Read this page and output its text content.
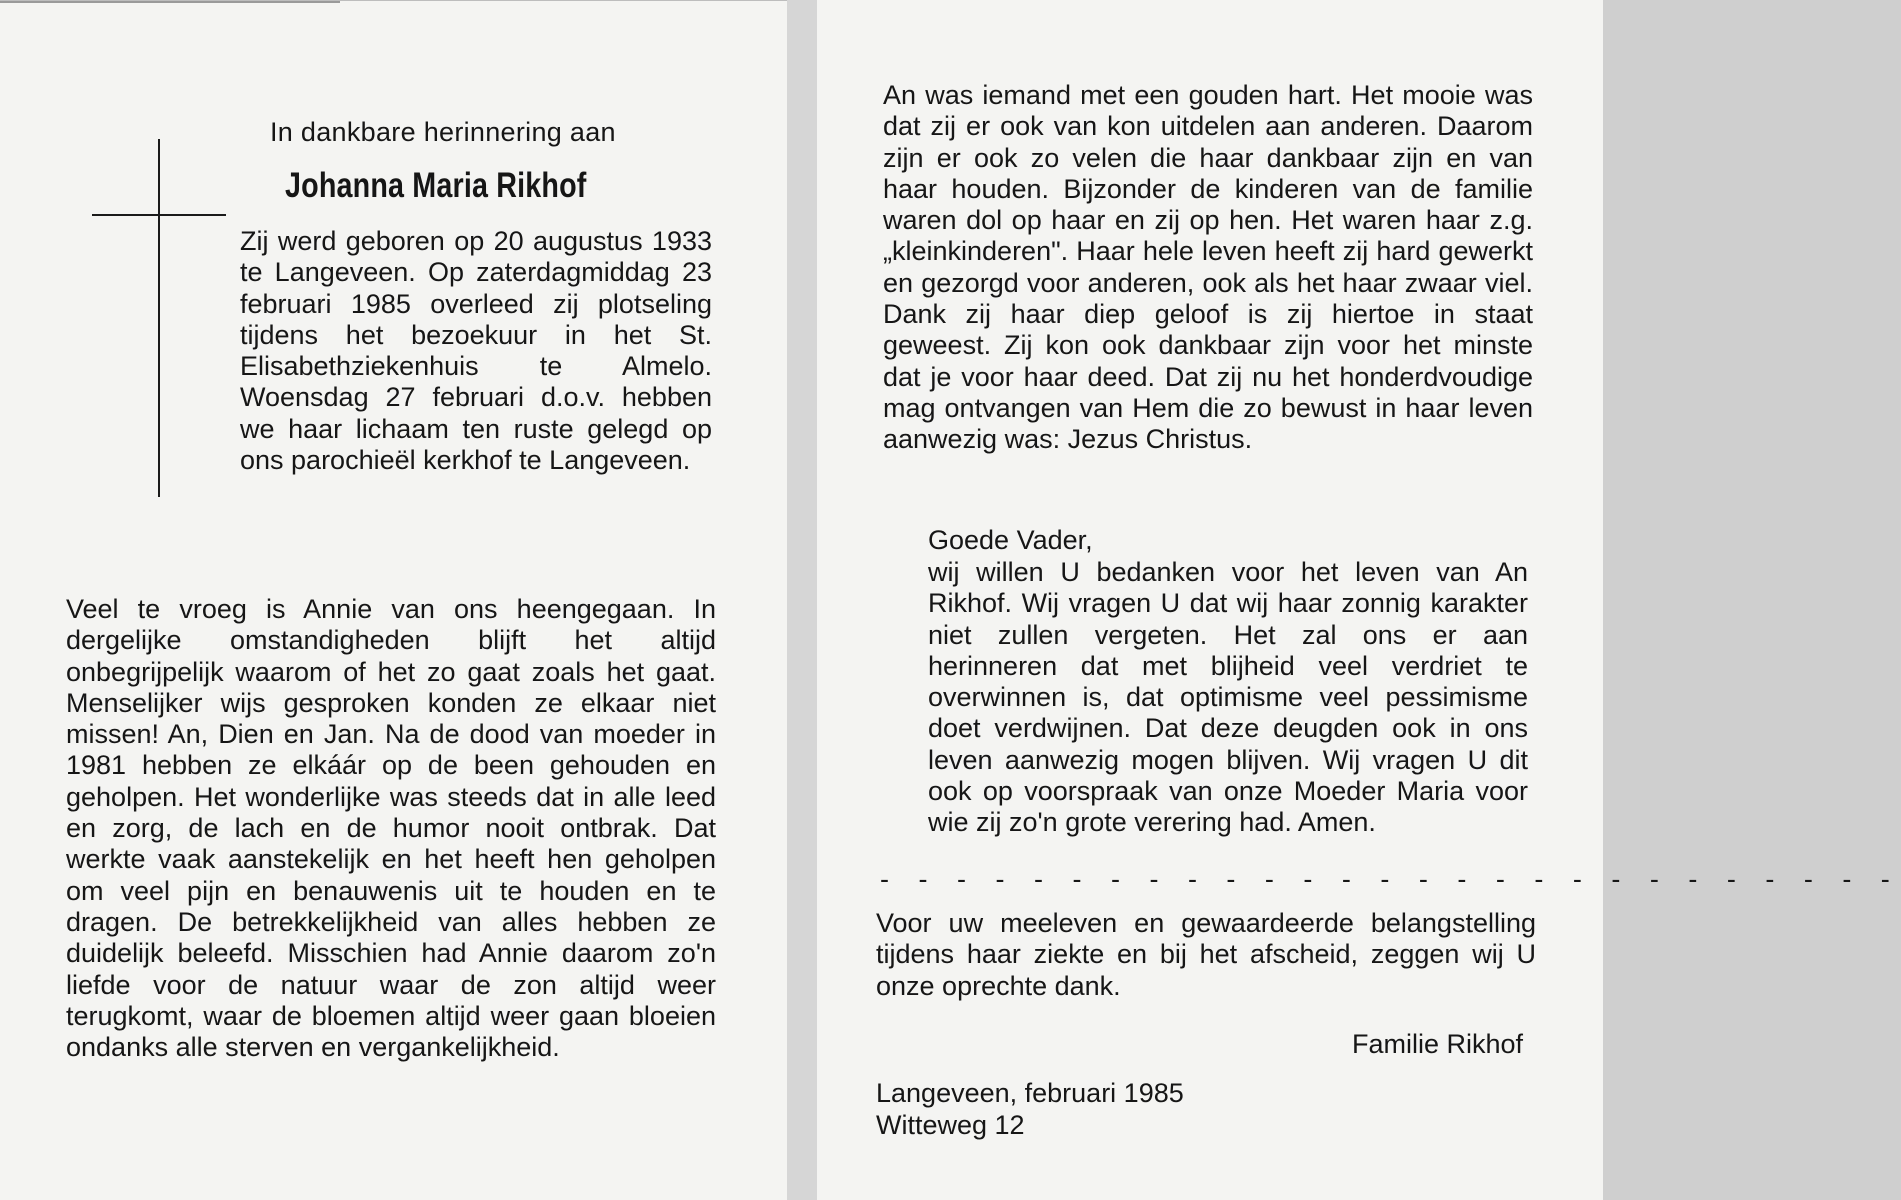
In dankbare herinnering aan

Johanna Maria Rikhof

Zij werd geboren op 20 augustus 1933 te Langeveen. Op zaterdagmiddag 23 februari 1985 overleed zij plotseling tijdens het bezoekuur in het St. Elisabethziekenhuis te Almelo. Woensdag 27 februari d.o.v. hebben we haar lichaam ten ruste gelegd op ons parochieël kerkhof te Langeveen.

Veel te vroeg is Annie van ons heengegaan. In dergelijke omstandigheden blijft het altijd onbegrijpelijk waarom of het zo gaat zoals het gaat. Menselijker wijs gesproken konden ze elkaar niet missen! An, Dien en Jan. Na de dood van moeder in 1981 hebben ze elkáár op de been gehouden en geholpen. Het wonderlijke was steeds dat in alle leed en zorg, de lach en de humor nooit ontbrak. Dat werkte vaak aanstekelijk en het heeft hen geholpen om veel pijn en benauwenis uit te houden en te dragen. De betrekkelijkheid van alles hebben ze duidelijk beleefd. Misschien had Annie daarom zo'n liefde voor de natuur waar de zon altijd weer terugkomt, waar de bloemen altijd weer gaan bloeien ondanks alle sterven en vergankelijkheid.

An was iemand met een gouden hart. Het mooie was dat zij er ook van kon uitdelen aan anderen. Daarom zijn er ook zo velen die haar dankbaar zijn en van haar houden. Bijzonder de kinderen van de familie waren dol op haar en zij op hen. Het waren haar z.g. „kleinkinderen". Haar hele leven heeft zij hard gewerkt en gezorgd voor anderen, ook als het haar zwaar viel. Dank zij haar diep geloof is zij hiertoe in staat geweest. Zij kon ook dankbaar zijn voor het minste dat je voor haar deed. Dat zij nu het honderdvoudige mag ontvangen van Hem die zo bewust in haar leven aanwezig was: Jezus Christus.

Goede Vader,

wij willen U bedanken voor het leven van An Rikhof. Wij vragen U dat wij haar zonnig karakter niet zullen vergeten. Het zal ons er aan herinneren dat met blijheid veel verdriet te overwinnen is, dat optimisme veel pessimisme doet verdwijnen. Dat deze deugden ook in ons leven aanwezig mogen blijven. Wij vragen U dit ook op voorspraak van onze Moeder Maria voor wie zij zo'n grote verering had. Amen.

- - - - - - - - - - - - - - - - - - - - - - - - - - -

Voor uw meeleven en gewaardeerde belangstelling tijdens haar ziekte en bij het afscheid, zeggen wij U onze oprechte dank.

Familie Rikhof

Langeveen, februari 1985

Witteweg 12
